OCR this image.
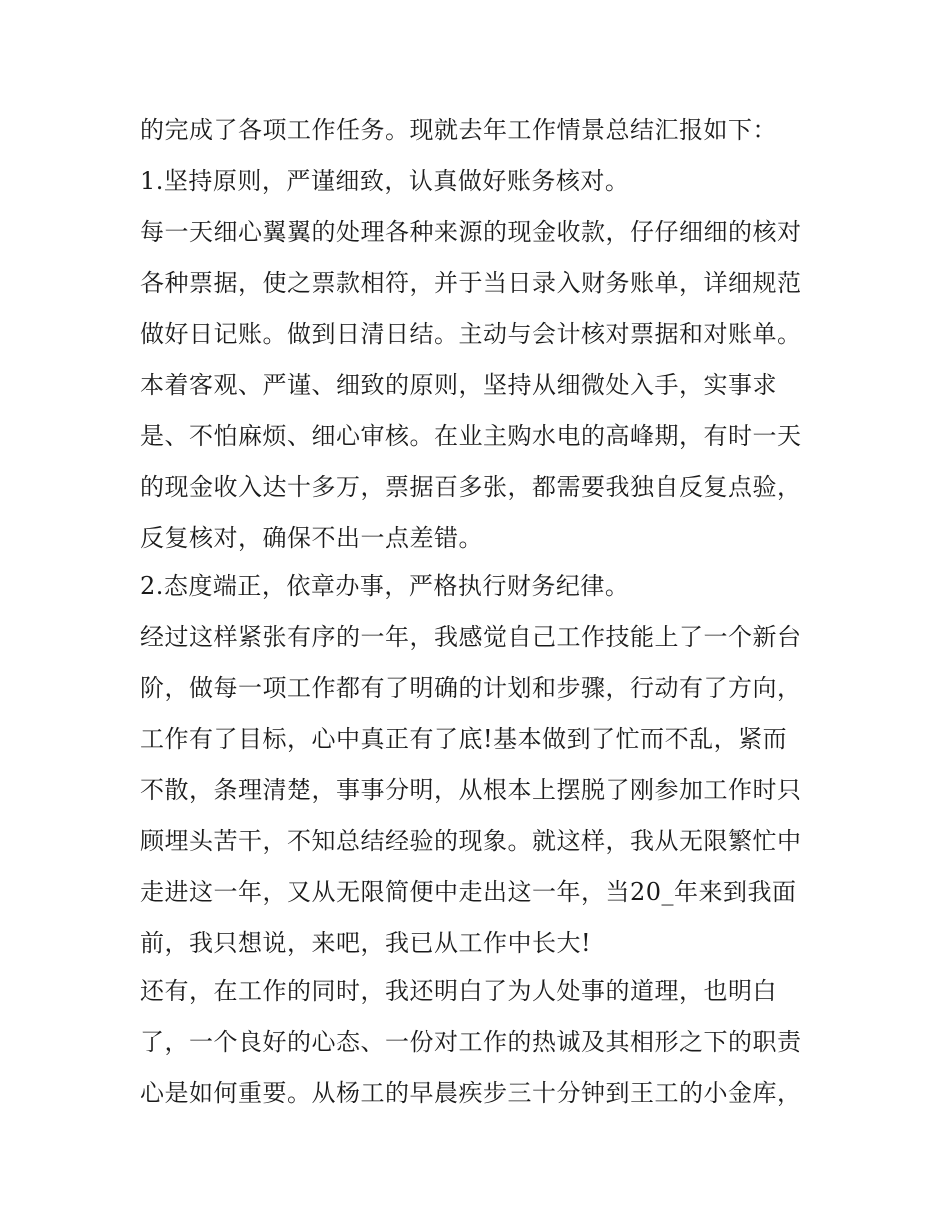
的完成了各项工作任务。现就去年工作情景总结汇报如下：
1.坚持原则，严谨细致，认真做好账务核对。
每一天细心翼翼的处理各种来源的现金收款，仔仔细细的核对
各种票据，使之票款相符，并于当日录入财务账单，详细规范
做好日记账。做到日清日结。主动与会计核对票据和对账单。
本着客观、严谨、细致的原则，坚持从细微处入手，实事求
是、不怕麻烦、细心审核。在业主购水电的高峰期，有时一天
的现金收入达十多万，票据百多张，都需要我独自反复点验，
反复核对，确保不出一点差错。
2.态度端正，依章办事，严格执行财务纪律。
经过这样紧张有序的一年，我感觉自己工作技能上了一个新台
阶，做每一项工作都有了明确的计划和步骤，行动有了方向，
工作有了目标，心中真正有了底!基本做到了忙而不乱，紧而
不散，条理清楚，事事分明，从根本上摆脱了刚参加工作时只
顾埋头苦干，不知总结经验的现象。就这样，我从无限繁忙中
走进这一年，又从无限简便中走出这一年，当20_年来到我面
前，我只想说，来吧，我已从工作中长大!
还有，在工作的同时，我还明白了为人处事的道理，也明白
了，一个良好的心态、一份对工作的热诚及其相形之下的职责
心是如何重要。从杨工的早晨疾步三十分钟到王工的小金库，
